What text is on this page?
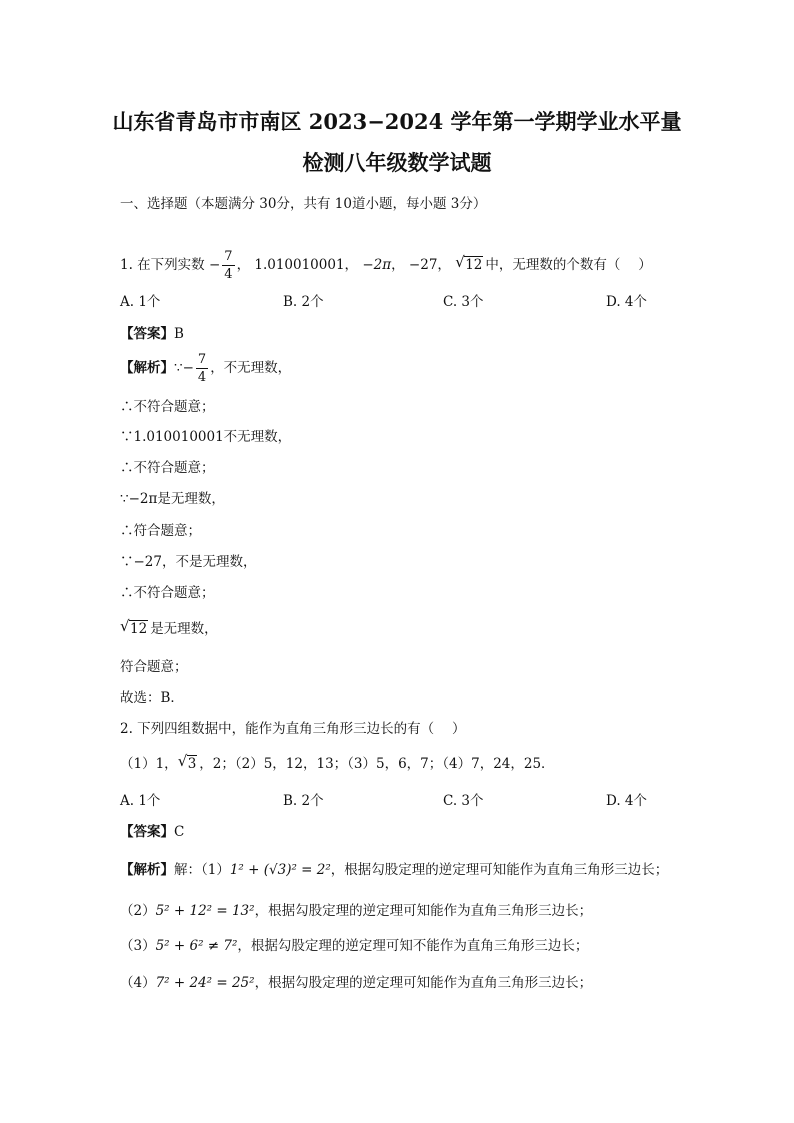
山东省青岛市市南区 2023−2024 学年第一学期学业水平量
检测八年级数学试题
一、选择题（本题满分 30分，共有 10道小题，每小题 3分）
1. 在下列实数 − $\frac{7}{4}$ ， 1.010010001， −2π， −27， √ 12 中，无理数的个数有（　 ）
A. 1个	B. 2个	C. 3个	D. 4个
【答案】B
【解析】∵− $\frac{7}{4}$ ，不无理数，
∴不符合题意；
∵1.010010001不无理数，
∴不符合题意；
∵−2π是无理数，
∴符合题意；
∵−27，不是无理数，
∴不符合题意；
√ 12 是无理数，
符合题意；
故选：B．
2. 下列四组数据中，能作为直角三角形三边长的有（　 ）
（1）1， √ 3 ，2；（2）5，12，13；（3）5，6，7；（4）7，24，25．
A. 1个	B. 2个	C. 3个	D. 4个
【答案】C
【解析】解：（1）1² + (√3)² = 2²，根据勾股定理的逆定理可知能作为直角三角形三边长；
（2）5² + 12² = 13²，根据勾股定理的逆定理可知能作为直角三角形三边长；
（3）5² + 6² ≠ 7²，根据勾股定理的逆定理可知不能作为直角三角形三边长；
（4）7² + 24² = 25²，根据勾股定理的逆定理可知能作为直角三角形三边长；
